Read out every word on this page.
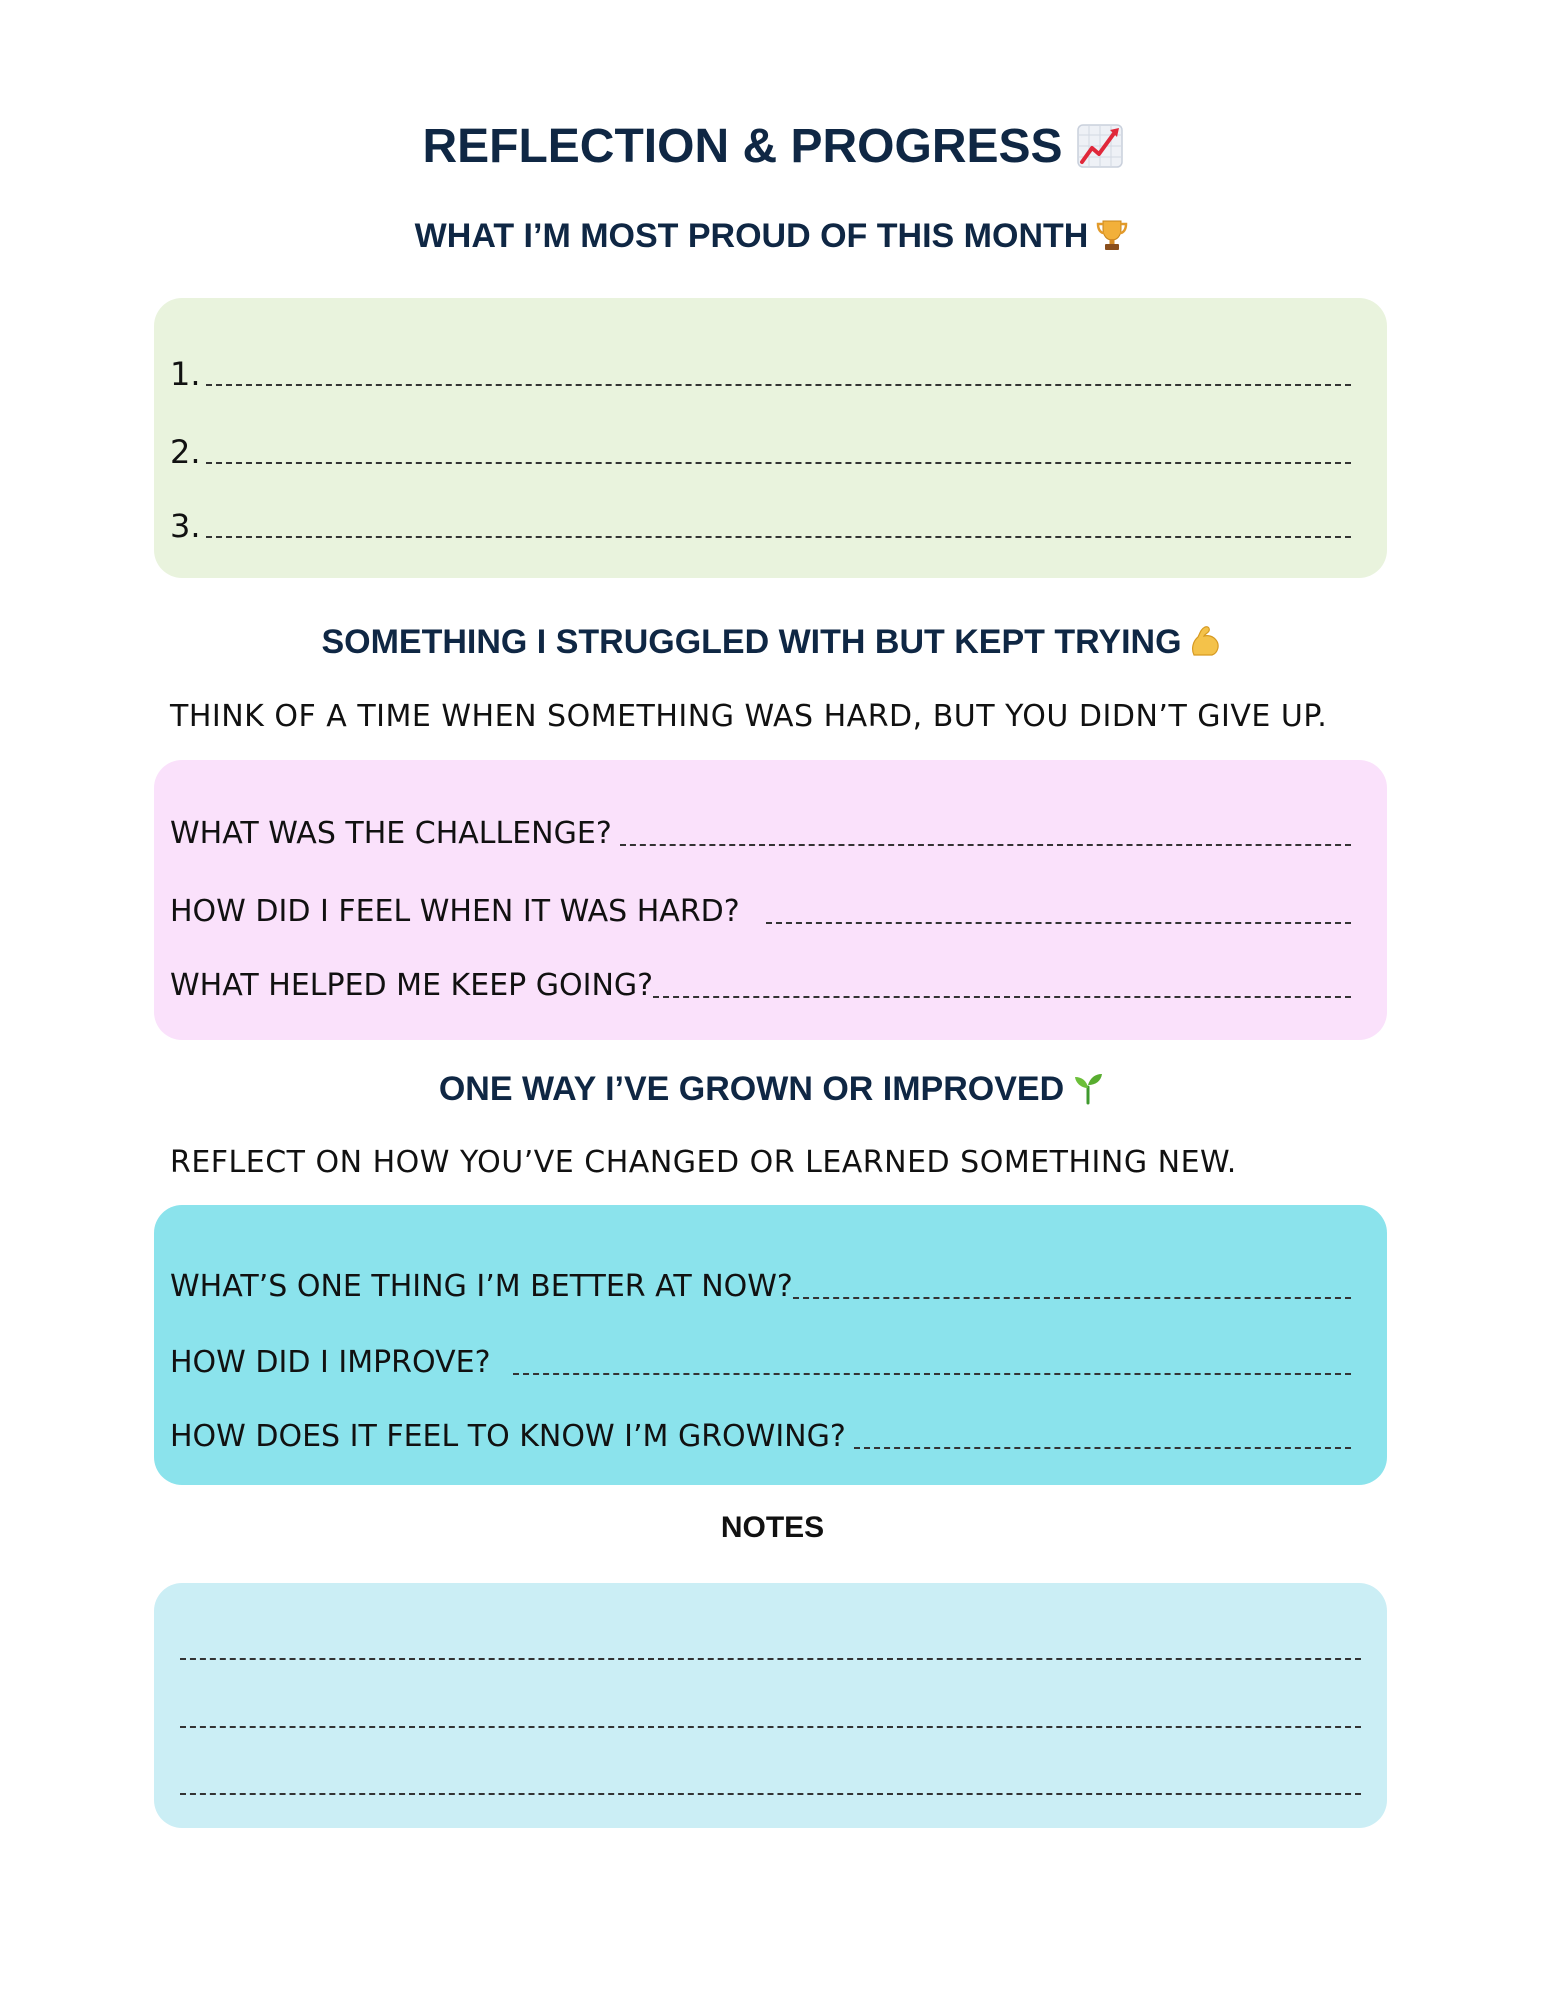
REFLECTION & PROGRESS
WHAT I’M MOST PROUD OF THIS MONTH
1.
2.
3.
SOMETHING I STRUGGLED WITH BUT KEPT TRYING
THINK OF A TIME WHEN SOMETHING WAS HARD, BUT YOU DIDN’T GIVE UP.
WHAT WAS THE CHALLENGE?
HOW DID I FEEL WHEN IT WAS HARD?
WHAT HELPED ME KEEP GOING?
ONE WAY I’VE GROWN OR IMPROVED
REFLECT ON HOW YOU’VE CHANGED OR LEARNED SOMETHING NEW.
WHAT’S ONE THING I’M BETTER AT NOW?
HOW DID I IMPROVE?
HOW DOES IT FEEL TO KNOW I’M GROWING?
NOTES
